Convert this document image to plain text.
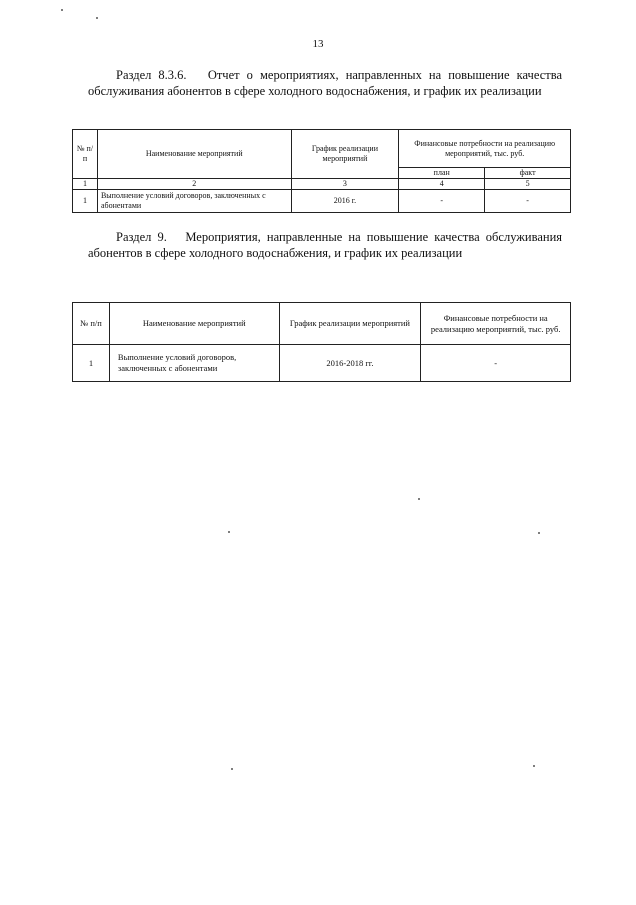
13
Раздел 8.3.6. Отчет о мероприятиях, направленных на повышение качества обслуживания абонентов в сфере холодного водоснабжения, и график их реализации
№ п/п	Наименование мероприятий	График реализации мероприятий	Финансовые потребности на реализацию мероприятий, тыс. руб.	
			план	факт
1	2	3	4	5
1	Выполнение условий договоров, заключенных с абонентами	2016 г.	-	-
Раздел 9. Мероприятия, направленные на повышение качества обслуживания абонентов в сфере холодного водоснабжения, и график их реализации
№ п/п	Наименование мероприятий	График реализации мероприятий	Финансовые потребности на реализацию мероприятий, тыс. руб.
1	Выполнение условий договоров, заключенных с абонентами	2016-2018 гг.	-
